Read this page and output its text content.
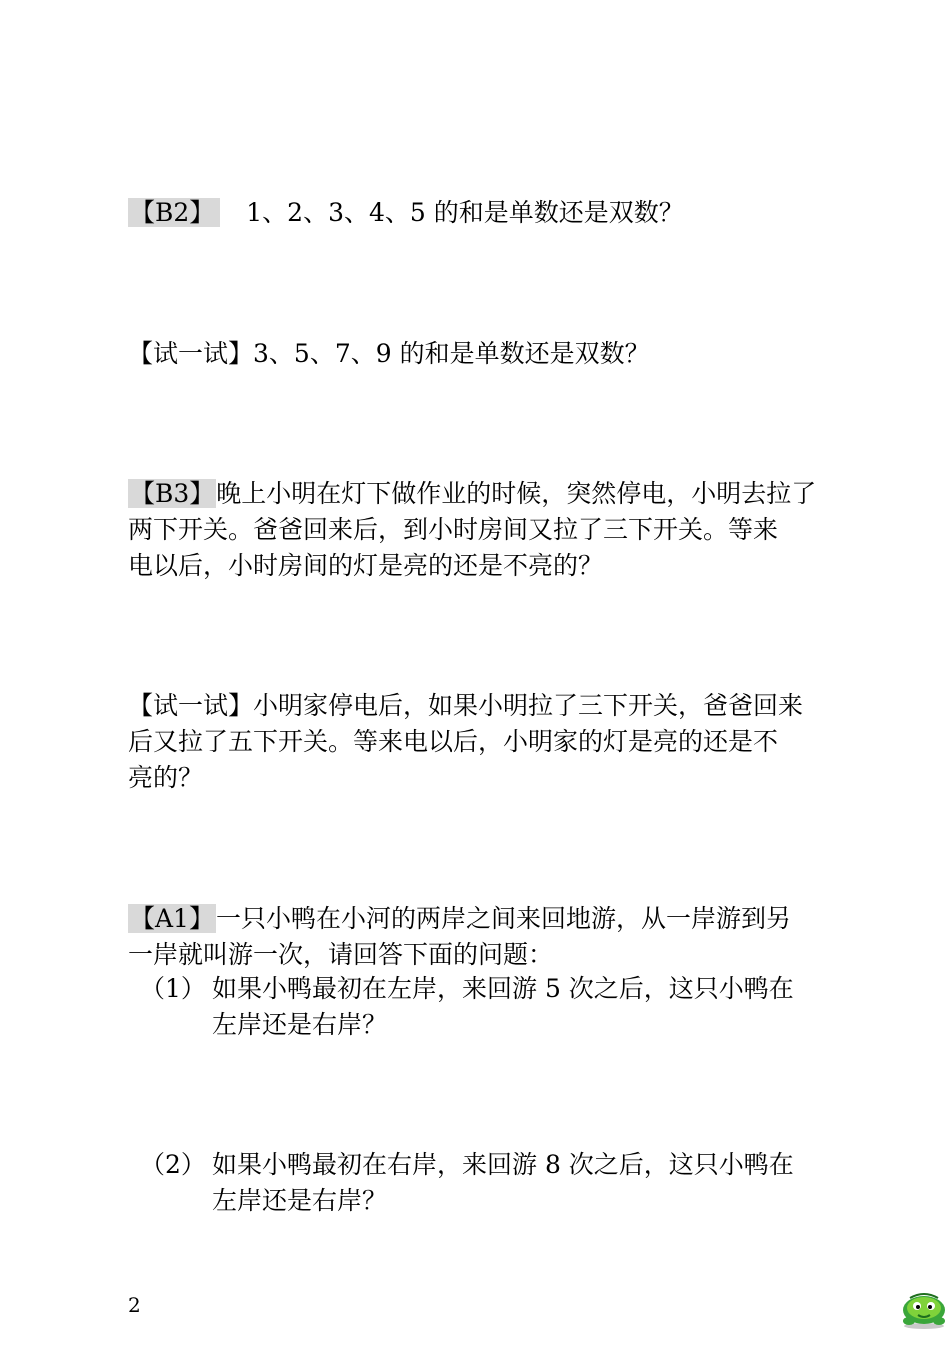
【B2】 1、2、3、4、5 的和是单数还是双数？

【试一试】3、5、7、9 的和是单数还是双数？

【B3】晚上小明在灯下做作业的时候，突然停电，小明去拉了
两下开关。爸爸回来后，到小时房间又拉了三下开关。等来
电以后，小时房间的灯是亮的还是不亮的？

【试一试】小明家停电后，如果小明拉了三下开关，爸爸回来
后又拉了五下开关。等来电以后，小明家的灯是亮的还是不
亮的？

【A1】一只小鸭在小河的两岸之间来回地游，从一岸游到另
一岸就叫游一次，请回答下面的问题：

（1） 如果小鸭最初在左岸，来回游 5 次之后，这只小鸭在
左岸还是右岸？
（2） 如果小鸭最初在右岸，来回游 8 次之后，这只小鸭在
左岸还是右岸？
2
